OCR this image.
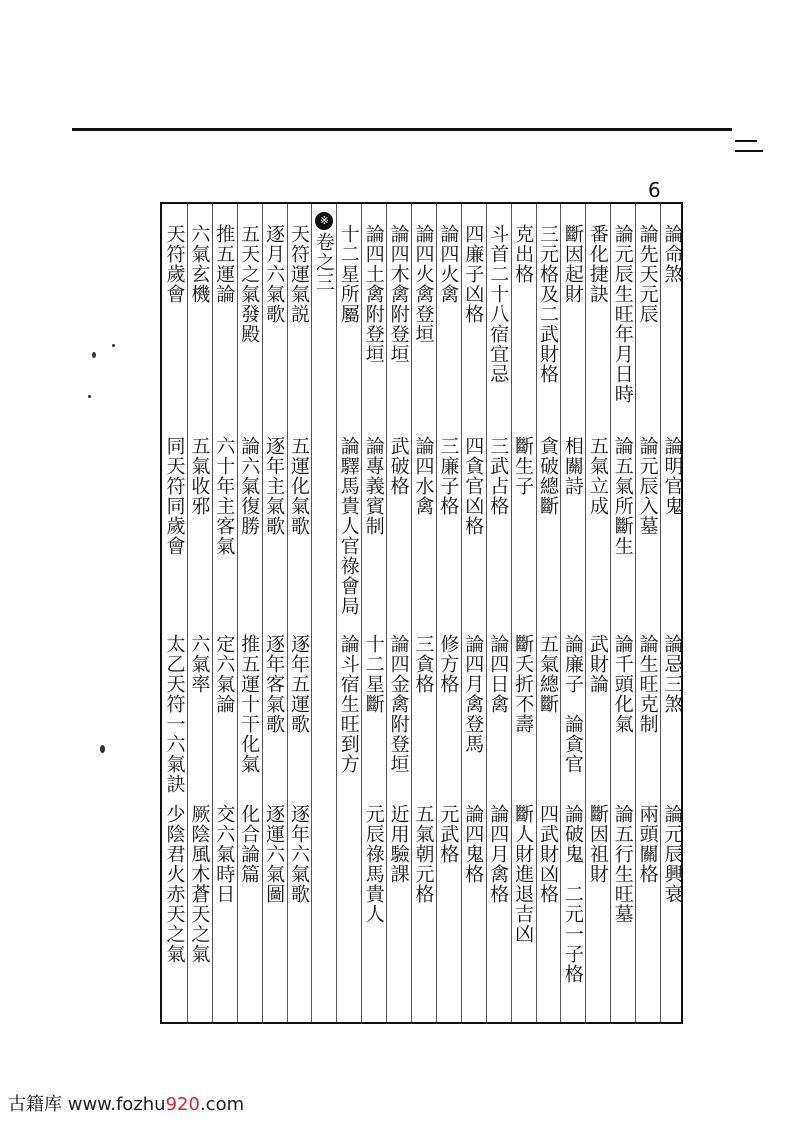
6
論命煞
論明官鬼
論忌三煞
論元辰興衰
論先天元辰
論元辰入墓
論生旺克制
兩頭關格
論元辰生旺年月日時
論五氣所斷生
論千頭化氣
論五行生旺墓
番化捷訣
五氣立成
武財論
斷因祖財
斷因起財
相關詩
論廉子　論貪官
論破鬼　二元一子格
三元格及二武財格
貪破總斷
五氣總斷
四武財凶格
克出格
斷生子
斷夭折不壽
斷人財進退吉凶
斗首二十八宿宜忌
三武占格
論四日禽
論四月禽格
四廉子凶格
四貪官凶格
論四月禽登馬
論四鬼格
論四火禽
三廉子格
修方格
元武格
論四火禽登垣
論四水禽
三貪格
五氣朝元格
論四木禽附登垣
武破格
論四金禽附登垣
近用驗課
論四土禽附登垣
論專義賓制
十二星斷
元辰祿馬貴人
十二星所屬
論驛馬貴人官祿會局
論斗宿生旺到方
※卷之三
天符運氣説
五運化氣歌
逐年五運歌
逐年六氣歌
逐月六氣歌
逐年主氣歌
逐年客氣歌
逐運六氣圖
五天之氣發殿
論六氣復勝
推五運十干化氣
化合論篇
推五運論
六十年主客氣
定六氣論
交六氣時日
六氣玄機
五氣收邪
六氣率
厥陰風木蒼天之氣
天符歲會
同天符同歲會
太乙天符一六氣訣
少陰君火赤天之氣
古籍库 www.fozhu920.com
